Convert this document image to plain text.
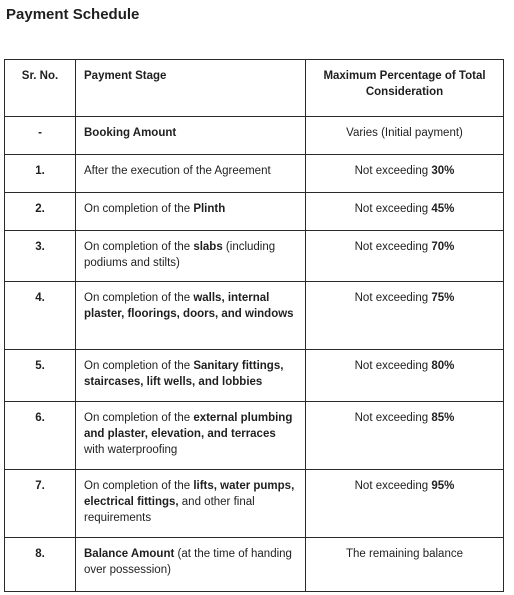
Payment Schedule
Sr. No.	Payment Stage	Maximum Percentage of Total Consideration
-	Booking Amount	Varies (Initial payment)
1.	After the execution of the Agreement	Not exceeding 30%
2.	On completion of the Plinth	Not exceeding 45%
3.	On completion of the slabs (including podiums and stilts)	Not exceeding 70%
4.	On completion of the walls, internal plaster, floorings, doors, and windows	Not exceeding 75%
5.	On completion of the Sanitary fittings, staircases, lift wells, and lobbies	Not exceeding 80%
6.	On completion of the external plumbing and plaster, elevation, and terraces with waterproofing	Not exceeding 85%
7.	On completion of the lifts, water pumps, electrical fittings, and other final requirements	Not exceeding 95%
8.	Balance Amount (at the time of handing over possession)	The remaining balance
